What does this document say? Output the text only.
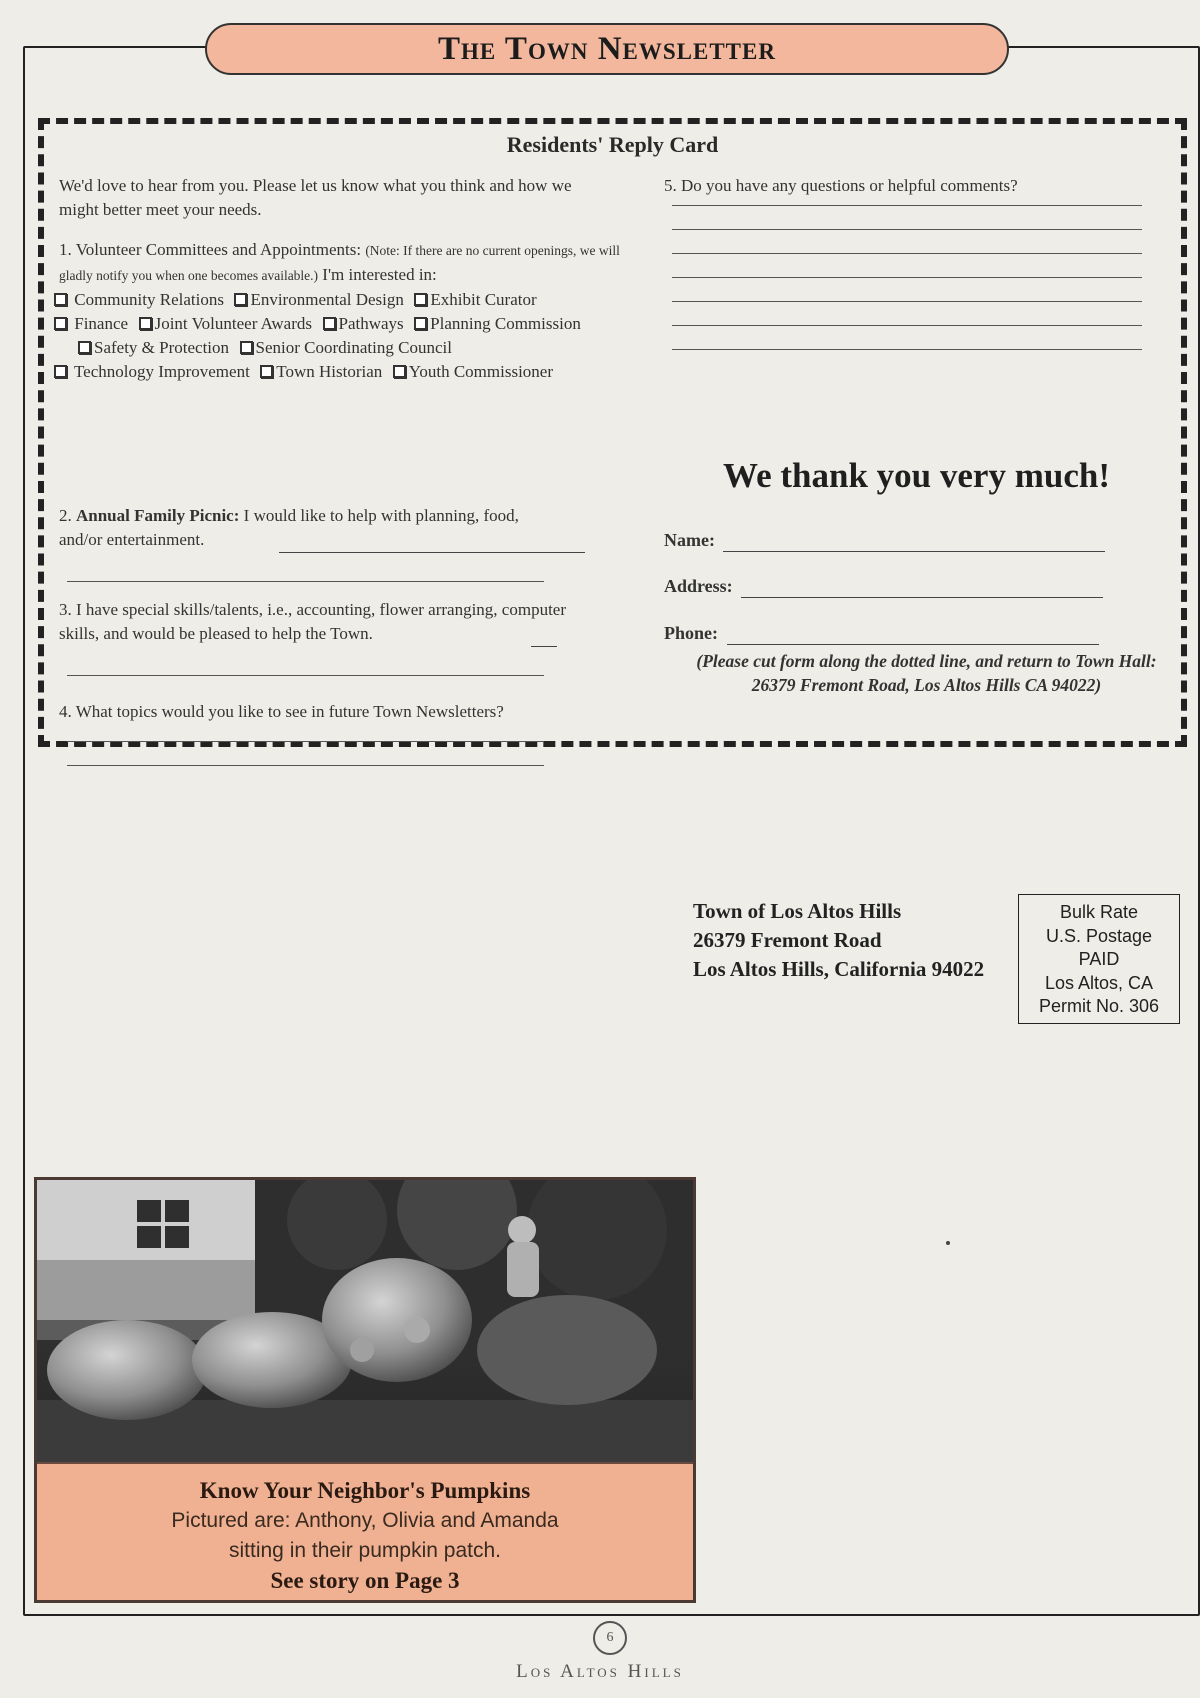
The Town Newsletter
Residents' Reply Card
We'd love to hear from you. Please let us know what you think and how we might better meet your needs.
1. Volunteer Committees and Appointments: (Note: If there are no current openings, we will gladly notify you when one becomes available.) I'm interested in:
Community Relations Environmental Design Exhibit Curator
Finance Joint Volunteer Awards Pathways Planning Commission
Safety & Protection Senior Coordinating Council
Technology Improvement Town Historian Youth Commissioner
2. Annual Family Picnic: I would like to help with planning, food, and/or entertainment.
3. I have special skills/talents, i.e., accounting, flower arranging, computer skills, and would be pleased to help the Town.
4. What topics would you like to see in future Town Newsletters?
5. Do you have any questions or helpful comments?
We thank you very much!
Name:
Address:
Phone:
(Please cut form along the dotted line, and return to Town Hall: 26379 Fremont Road, Los Altos Hills CA 94022)
Town of Los Altos Hills
26379 Fremont Road
Los Altos Hills, California 94022
Bulk Rate
U.S. Postage
PAID
Los Altos, CA
Permit No. 306
Know Your Neighbor's Pumpkins
Pictured are: Anthony, Olivia and Amanda
sitting in their pumpkin patch.
See story on Page 3
6
Los Altos Hills
